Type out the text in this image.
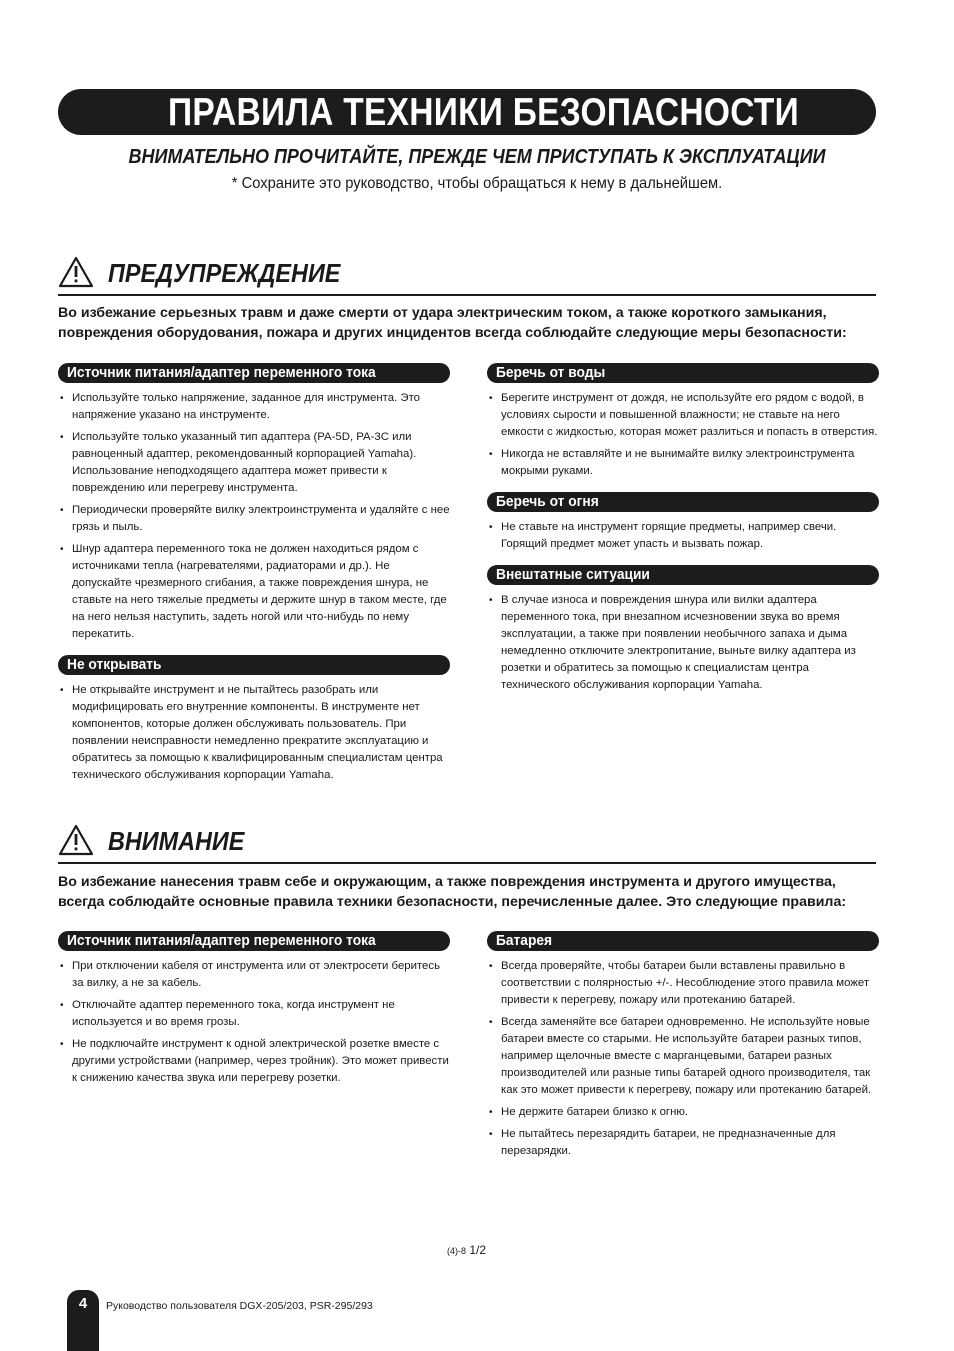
ПРАВИЛА ТЕХНИКИ БЕЗОПАСНОСТИ

ВНИМАТЕЛЬНО ПРОЧИТАЙТЕ, ПРЕЖДЕ ЧЕМ ПРИСТУПАТЬ К ЭКСПЛУАТАЦИИ

* Сохраните это руководство, чтобы обращаться к нему в дальнейшем.

ПРЕДУПРЕЖДЕНИЕ

Во избежание серьезных травм и даже смерти от удара электрическим током, а также короткого замыкания, повреждения оборудования, пожара и других инцидентов всегда соблюдайте следующие меры безопасности:

Источник питания/адаптер переменного тока
• Используйте только напряжение, заданное для инструмента. Это напряжение указано на инструменте.
• Используйте только указанный тип адаптера (PA-5D, PA-3C или равноценный адаптер, рекомендованный корпорацией Yamaha). Использование неподходящего адаптера может привести к повреждению или перегреву инструмента.
• Периодически проверяйте вилку электроинструмента и удаляйте с нее грязь и пыль.
• Шнур адаптера переменного тока не должен находиться рядом с источниками тепла (нагревателями, радиаторами и др.). Не допускайте чрезмерного сгибания, а также повреждения шнура, не ставьте на него тяжелые предметы и держите шнур в таком месте, где на него нельзя наступить, задеть ногой или что-нибудь по нему перекатить.
Не открывать
• Не открывайте инструмент и не пытайтесь разобрать или модифицировать его внутренние компоненты. В инструменте нет компонентов, которые должен обслуживать пользователь. При появлении неисправности немедленно прекратите эксплуатацию и обратитесь за помощью к квалифицированным специалистам центра технического обслуживания корпорации Yamaha.
Беречь от воды
• Берегите инструмент от дождя, не используйте его рядом с водой, в условиях сырости и повышенной влажности; не ставьте на него емкости с жидкостью, которая может разлиться и попасть в отверстия.
• Никогда не вставляйте и не вынимайте вилку электроинструмента мокрыми руками.
Беречь от огня
• Не ставьте на инструмент горящие предметы, например свечи. Горящий предмет может упасть и вызвать пожар.
Внештатные ситуации
• В случае износа и повреждения шнура или вилки адаптера переменного тока, при внезапном исчезновении звука во время эксплуатации, а также при появлении необычного запаха и дыма немедленно отключите электропитание, выньте вилку адаптера из розетки и обратитесь за помощью к специалистам центра технического обслуживания корпорации Yamaha.
ВНИМАНИЕ

Во избежание нанесения травм себе и окружающим, а также повреждения инструмента и другого имущества, всегда соблюдайте основные правила техники безопасности, перечисленные далее. Это следующие правила:

Источник питания/адаптер переменного тока
• При отключении кабеля от инструмента или от электросети беритесь за вилку, а не за кабель.
• Отключайте адаптер переменного тока, когда инструмент не используется и во время грозы.
• Не подключайте инструмент к одной электрической розетке вместе с другими устройствами (например, через тройник). Это может привести к снижению качества звука или перегреву розетки.
Батарея
• Всегда проверяйте, чтобы батареи были вставлены правильно в соответствии с полярностью +/-. Несоблюдение этого правила может привести к перегреву, пожару или протеканию батарей.
• Всегда заменяйте все батареи одновременно. Не используйте новые батареи вместе со старыми. Не используйте батареи разных типов, например щелочные вместе с марганцевыми, батареи разных производителей или разные типы батарей одного производителя, так как это может привести к перегреву, пожару или протеканию батарей.
• Не держите батареи близко к огню.
• Не пытайтесь перезарядить батареи, не предназначенные для перезарядки.
(4)-8 1/2
4	Руководство пользователя DGX-205/203, PSR-295/293
